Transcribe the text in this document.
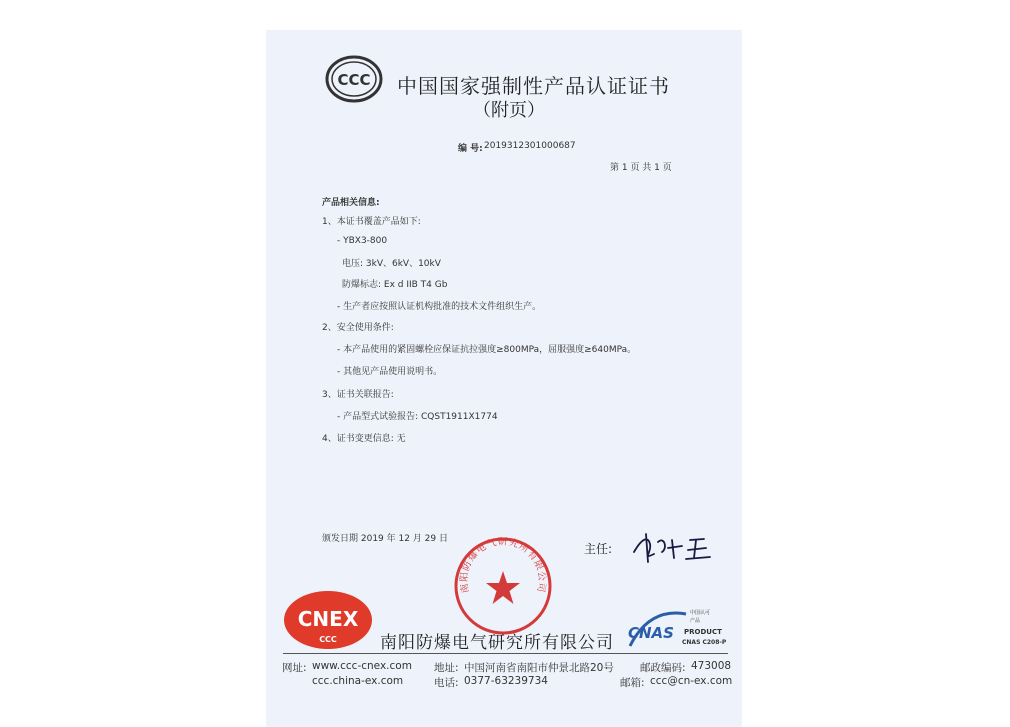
CCC 中国国家强制性产品认证证书
（附页）
编 号: 2019312301000687
第 1 页 共 1 页
产品相关信息:
1、本证书覆盖产品如下:
- YBX3-800
电压: 3kV、6kV、10kV
防爆标志: Ex d IIB T4 Gb
- 生产者应按照认证机构批准的技术文件组织生产。
2、安全使用条件:
- 本产品使用的紧固螺栓应保证抗拉强度≥800MPa，屈服强度≥640MPa。
- 其他见产品使用说明书。
3、证书关联报告:
- 产品型式试验报告: CQST1911X1774
4、证书变更信息: 无
颁发日期 2019 年 12 月 29 日
主任:
南阳防爆电气研究所有限公司
CNEX
CCC	南阳防爆电气研究所有限公司 CNAS
中国认可
产品
PRODUCT
CNAS C208-P
网址: www.ccc-cnex.com
ccc.china-ex.com
地址: 中国河南省南阳市仲景北路20号
电话: 0377-63239734
邮政编码: 473008
邮箱: ccc@cn-ex.com
